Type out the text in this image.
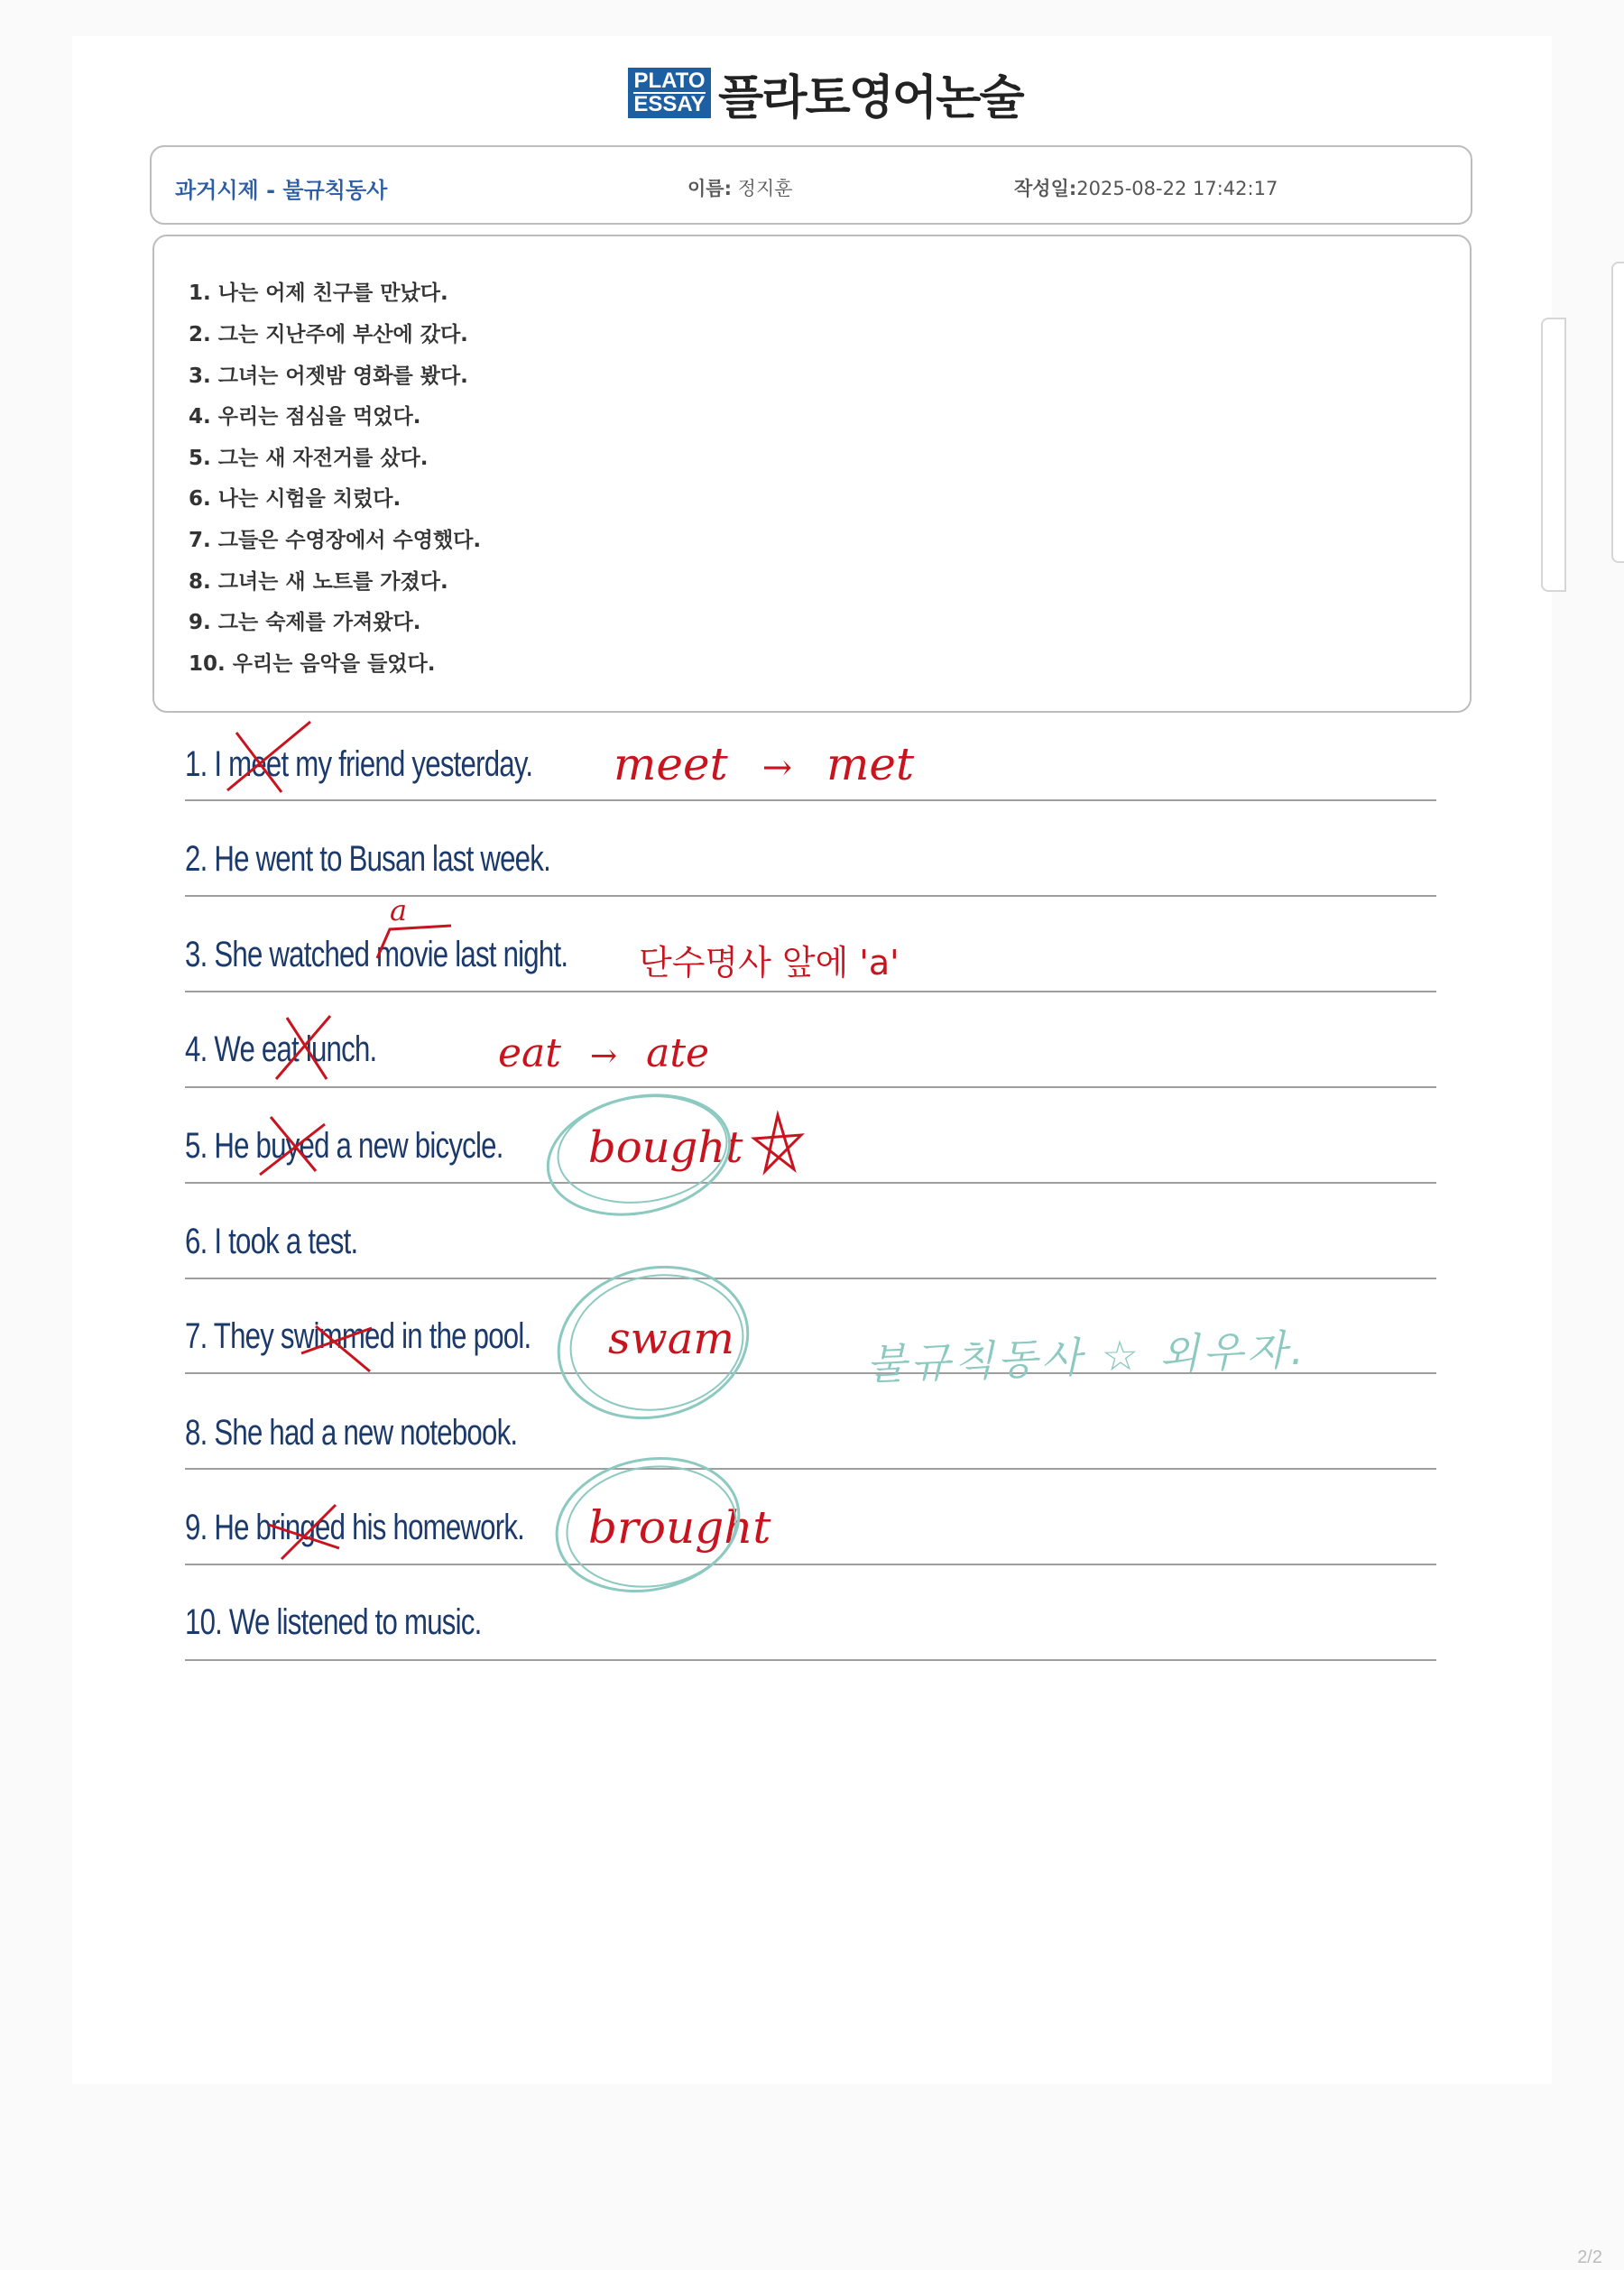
PLATO
ESSAY 플라토영어논술
과거시제 - 불규칙동사	이름: 정지훈	작성일:2025-08-22 17:42:17
1. 나는 어제 친구를 만났다.
2. 그는 지난주에 부산에 갔다.
3. 그녀는 어젯밤 영화를 봤다.
4. 우리는 점심을 먹었다.
5. 그는 새 자전거를 샀다.
6. 나는 시험을 치렀다.
7. 그들은 수영장에서 수영했다.
8. 그녀는 새 노트를 가졌다.
9. 그는 숙제를 가져왔다.
10. 우리는 음악을 들었다.
1. I meet my friend yesterday.
2. He went to Busan last week.
3. She watched movie last night.
4. We eat lunch.
5. He buyed a new bicycle.
6. I took a test.
7. They swimmed in the pool.
8. She had a new notebook.
9. He bringed his homework.
10. We listened to music.
meet → met
a
단수명사 앞에 'a'
eat → ate
bought
swam
brought
불규칙동사 ☆ 외우자.
2/2
